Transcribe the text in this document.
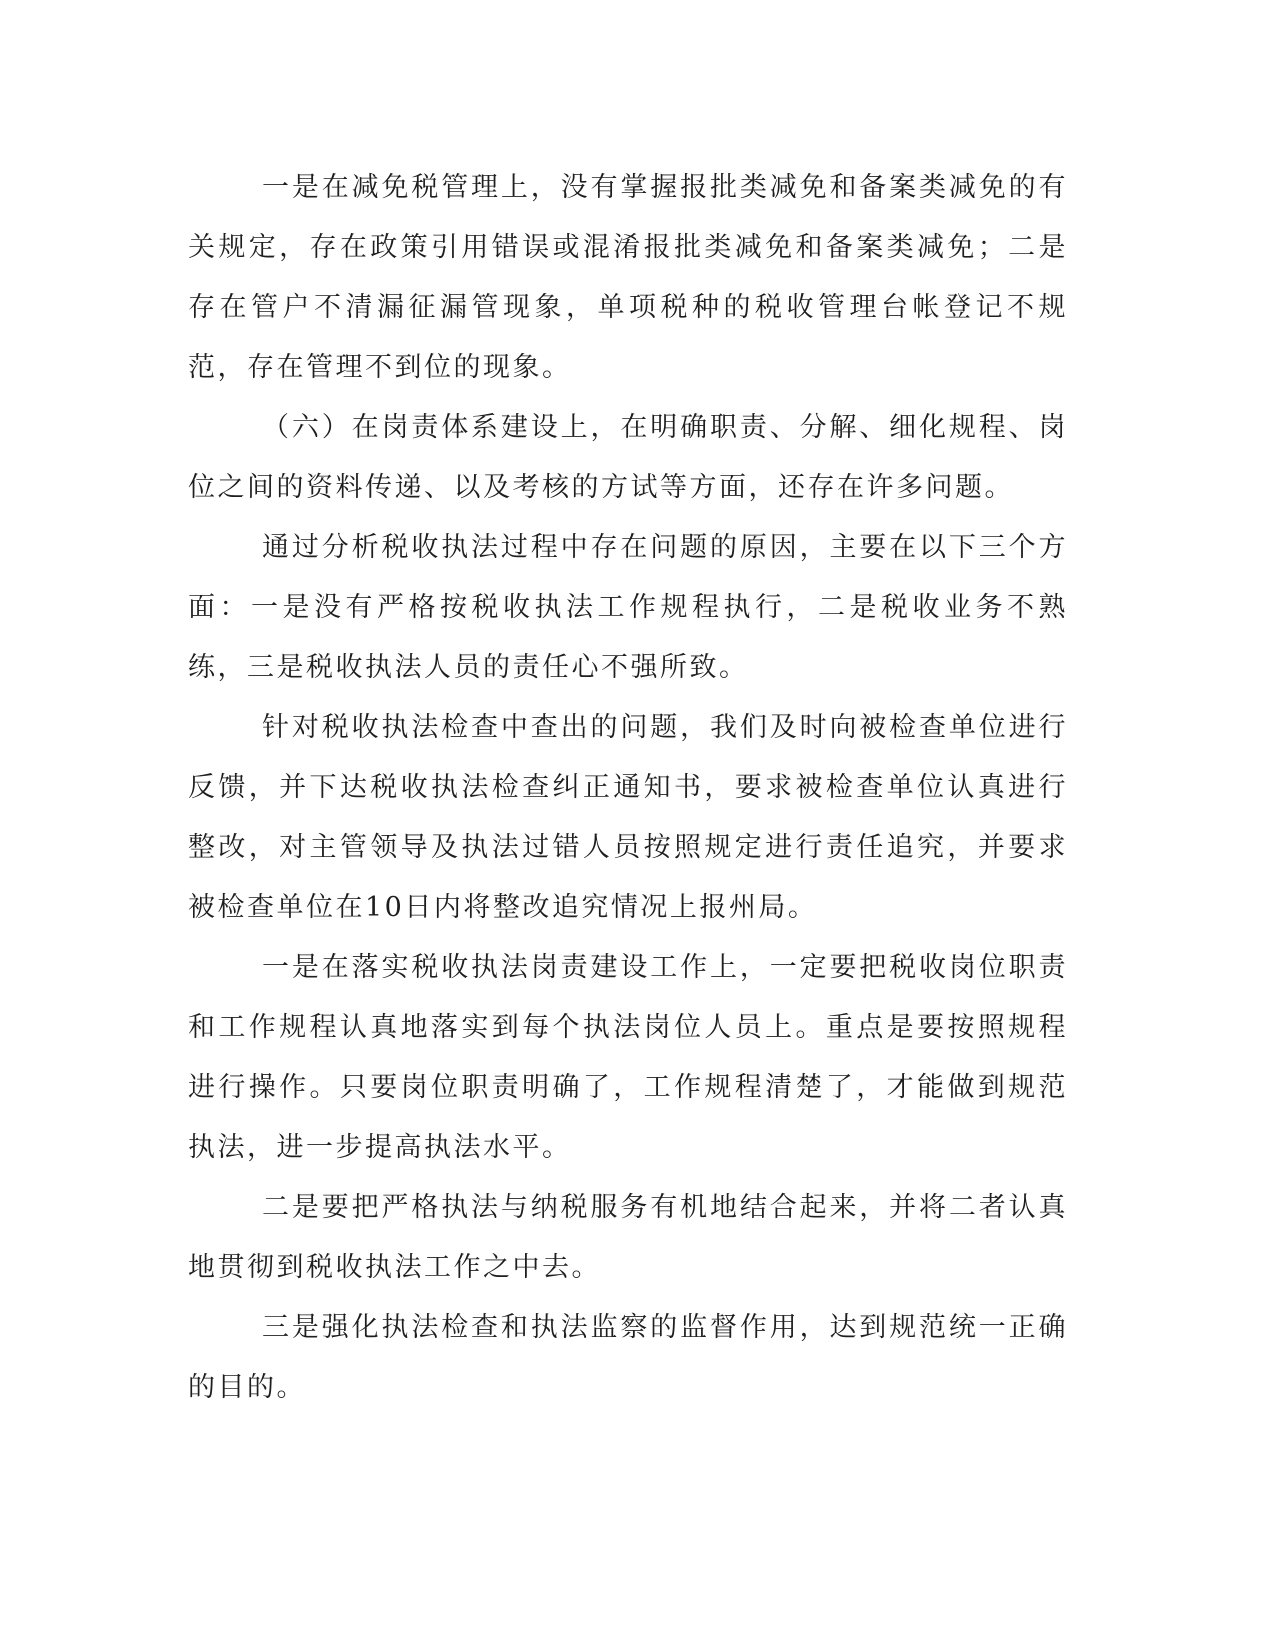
一是在减免税管理上，没有掌握报批类减免和备案类减免的有关规定，存在政策引用错误或混淆报批类减免和备案类减免；二是存在管户不清漏征漏管现象，单项税种的税收管理台帐登记不规范，存在管理不到位的现象。

（六）在岗责体系建设上，在明确职责、分解、细化规程、岗位之间的资料传递、以及考核的方试等方面，还存在许多问题。

通过分析税收执法过程中存在问题的原因，主要在以下三个方面：一是没有严格按税收执法工作规程执行，二是税收业务不熟练，三是税收执法人员的责任心不强所致。

针对税收执法检查中查出的问题，我们及时向被检查单位进行反馈，并下达税收执法检查纠正通知书，要求被检查单位认真进行整改，对主管领导及执法过错人员按照规定进行责任追究，并要求被检查单位在10日内将整改追究情况上报州局。

一是在落实税收执法岗责建设工作上，一定要把税收岗位职责和工作规程认真地落实到每个执法岗位人员上。重点是要按照规程进行操作。只要岗位职责明确了，工作规程清楚了，才能做到规范执法，进一步提高执法水平。

二是要把严格执法与纳税服务有机地结合起来，并将二者认真地贯彻到税收执法工作之中去。

三是强化执法检查和执法监察的监督作用，达到规范统一正确的目的。
